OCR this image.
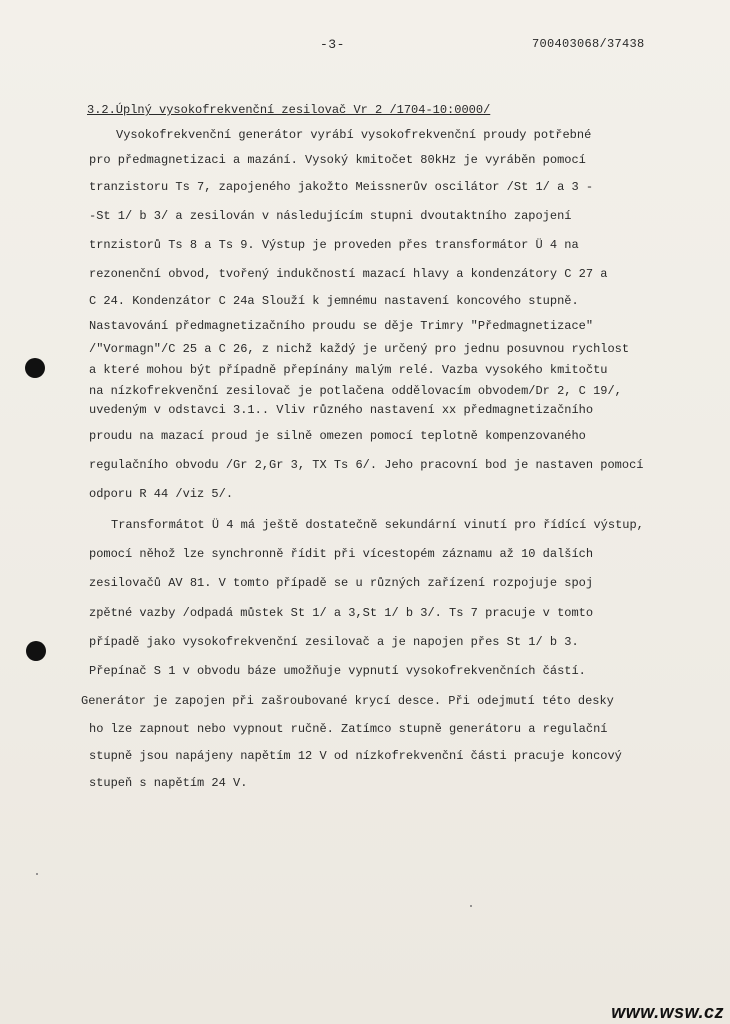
-3-	700403068/37438
3.2.Úplný vysokofrekvenční zesilovač Vr 2 /1704-10:0000/
Vysokofrekvenční generátor vyrábí vysokofrekvenční proudy potřebné
pro předmagnetizaci a mazání. Vysoký kmitočet 80kHz je vyráběn pomocí
tranzistoru Ts 7, zapojeného jakožto Meissnerův oscilátor /St 1/ a 3 -
-St 1/ b 3/ a zesilován v následujícím stupni dvoutaktního zapojení
trnzistorů Ts 8 a Ts 9. Výstup je proveden přes transformátor Ü 4 na
rezonenční obvod, tvořený indukčností mazací hlavy a kondenzátory C 27 a
C 24. Kondenzátor C 24a Slouží k jemnému nastavení koncového stupně.
Nastavování předmagnetizačního proudu se děje Trimry "Předmagnetizace"
/"Vormagn"/C 25 a C 26, z nichž každý je určený pro jednu posuvnou rychlost
a které mohou být případně přepínány malým relé. Vazba vysokého kmitočtu
na nízkofrekvenční zesilovač je potlačena oddělovacím obvodem/Dr 2, C 19/,
uvedeným v odstavci 3.1.. Vliv různého nastavení xx předmagnetizačního
proudu na mazací proud je silně omezen pomocí teplotně kompenzovaného
regulačního obvodu /Gr 2,Gr 3, TX Ts 6/. Jeho pracovní bod je nastaven pomocí
odporu R 44 /viz 5/.
Transformátot Ü 4 má ještě dostatečně sekundární vinutí pro řídící výstup,
pomocí něhož lze synchronně řídit při vícestopém záznamu až 10 dalších
zesilovačů AV 81. V tomto případě se u různých zařízení rozpojuje spoj
zpětné vazby /odpadá můstek St 1/ a 3,St 1/ b 3/. Ts 7 pracuje v tomto
případě jako vysokofrekvenční zesilovač a je napojen přes St 1/ b 3.
Přepínač S 1 v obvodu báze umožňuje vypnutí vysokofrekvenčních částí.
Generátor je zapojen při zašroubované krycí desce. Při odejmutí této desky
ho lze zapnout nebo vypnout ručně. Zatímco stupně generátoru a regulační
stupně jsou napájeny napětím 12 V od nízkofrekvenční části pracuje koncový
stupeň s napětím 24 V.
www.wsw.cz
